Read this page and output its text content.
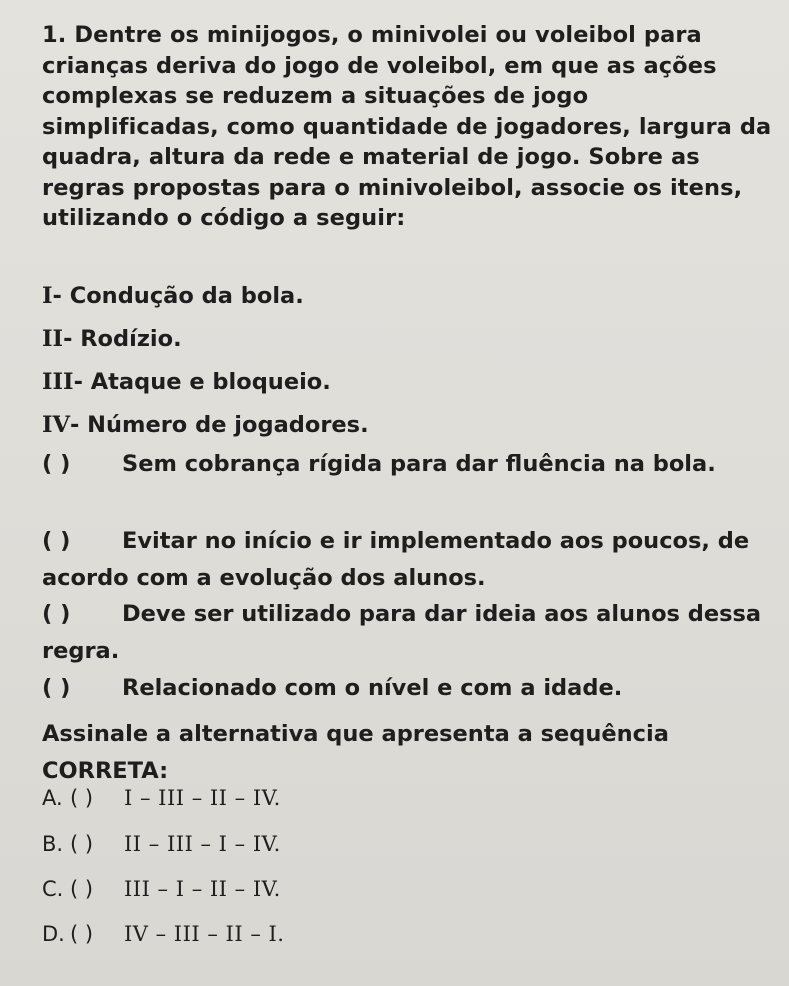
1. Dentre os minijogos, o minivolei ou voleibol para crianças deriva do jogo de voleibol, em que as ações complexas se reduzem a situações de jogo simplificadas, como quantidade de jogadores, largura da quadra, altura da rede e material de jogo. Sobre as regras propostas para o minivoleibol, associe os itens, utilizando o código a seguir:

I- Condução da bola.
II- Rodízio.
III- Ataque e bloqueio.
IV- Número de jogadores.
( ) Sem cobrança rígida para dar fluência na bola.
( ) Evitar no início e ir implementado aos poucos, de acordo com a evolução dos alunos.
( ) Deve ser utilizado para dar ideia aos alunos dessa regra.
( ) Relacionado com o nível e com a idade.
Assinale a alternativa que apresenta a sequência CORRETA:
A. ( )	I – III – II – IV.
B. ( )	II – III – I – IV.
C. ( )	III – I – II – IV.
D. ( )	IV – III – II – I.
